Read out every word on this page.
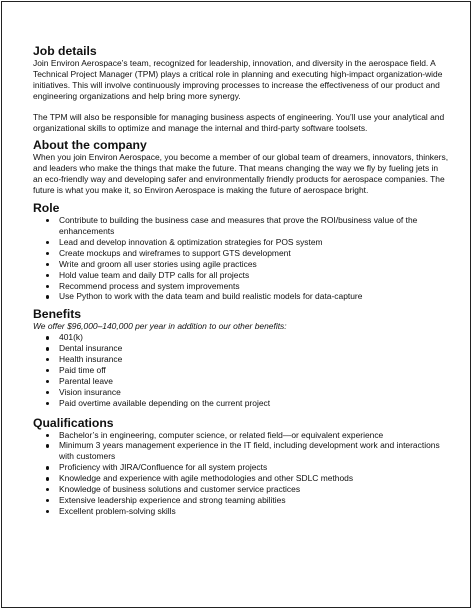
Job details

Join Environ Aerospace’s team, recognized for leadership, innovation, and diversity in the aerospace field. A Technical Project Manager (TPM) plays a critical role in planning and executing high-impact organization-wide initiatives. This will involve continuously improving processes to increase the effectiveness of our product and engineering organizations and help bring more synergy.

The TPM will also be responsible for managing business aspects of engineering. You’ll use your analytical and organizational skills to optimize and manage the internal and third-party software toolsets.

About the company

When you join Environ Aerospace, you become a member of our global team of dreamers, innovators, thinkers, and leaders who make the things that make the future. That means changing the way we fly by fueling jets in an eco-friendly way and developing safer and environmentally friendly products for aerospace companies. The future is what you make it, so Environ Aerospace is making the future of aerospace bright.

Role
Contribute to building the business case and measures that prove the ROI/business value of the enhancements
Lead and develop innovation & optimization strategies for POS system
Create mockups and wireframes to support GTS development
Write and groom all user stories using agile practices
Hold value team and daily DTP calls for all projects
Recommend process and system improvements
Use Python to work with the data team and build realistic models for data-capture
Benefits

We offer $96,000–140,000 per year in addition to our other benefits:

401(k)
Dental insurance
Health insurance
Paid time off
Parental leave
Vision insurance
Paid overtime available depending on the current project
Qualifications
Bachelor’s in engineering, computer science, or related field—or equivalent experience
Minimum 3 years management experience in the IT field, including development work and interactions with customers
Proficiency with JIRA/Confluence for all system projects
Knowledge and experience with agile methodologies and other SDLC methods
Knowledge of business solutions and customer service practices
Extensive leadership experience and strong teaming abilities
Excellent problem-solving skills
